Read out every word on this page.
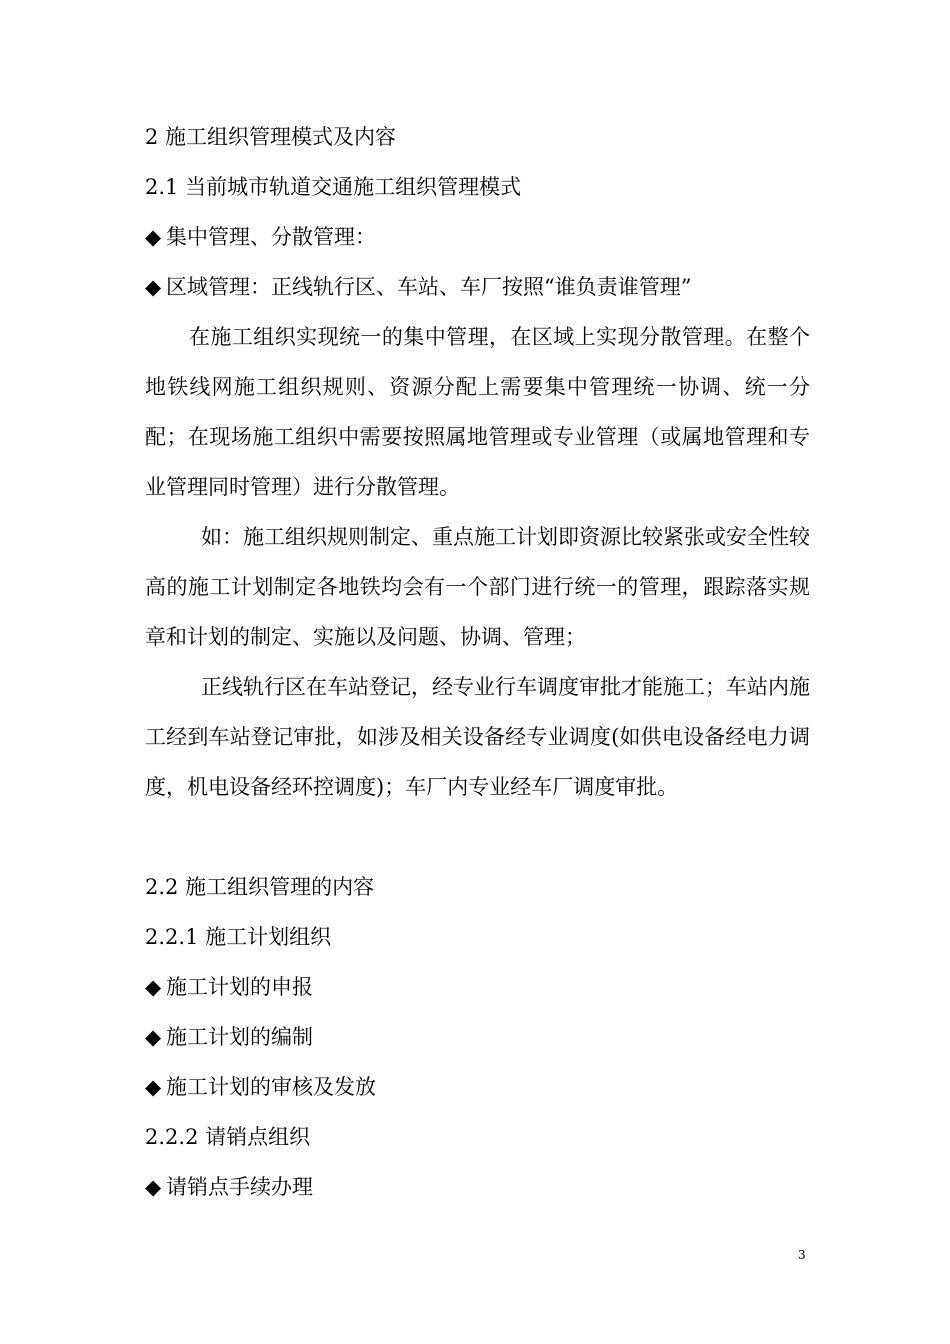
2 施工组织管理模式及内容

2.1 当前城市轨道交通施工组织管理模式

◆ 集中管理、分散管理：

◆ 区域管理：正线轨行区、车站、车厂按照“谁负责谁管理”

在施工组织实现统一的集中管理，在区域上实现分散管理。在整个地铁线网施工组织规则、资源分配上需要集中管理统一协调、统一分配；在现场施工组织中需要按照属地管理或专业管理（或属地管理和专业管理同时管理）进行分散管理。

如：施工组织规则制定、重点施工计划即资源比较紧张或安全性较高的施工计划制定各地铁均会有一个部门进行统一的管理，跟踪落实规章和计划的制定、实施以及问题、协调、管理；

正线轨行区在车站登记，经专业行车调度审批才能施工；车站内施工经到车站登记审批，如涉及相关设备经专业调度(如供电设备经电力调度，机电设备经环控调度)；车厂内专业经车厂调度审批。

2.2 施工组织管理的内容

2.2.1 施工计划组织

◆ 施工计划的申报

◆ 施工计划的编制

◆ 施工计划的审核及发放

2.2.2 请销点组织

◆ 请销点手续办理

3
